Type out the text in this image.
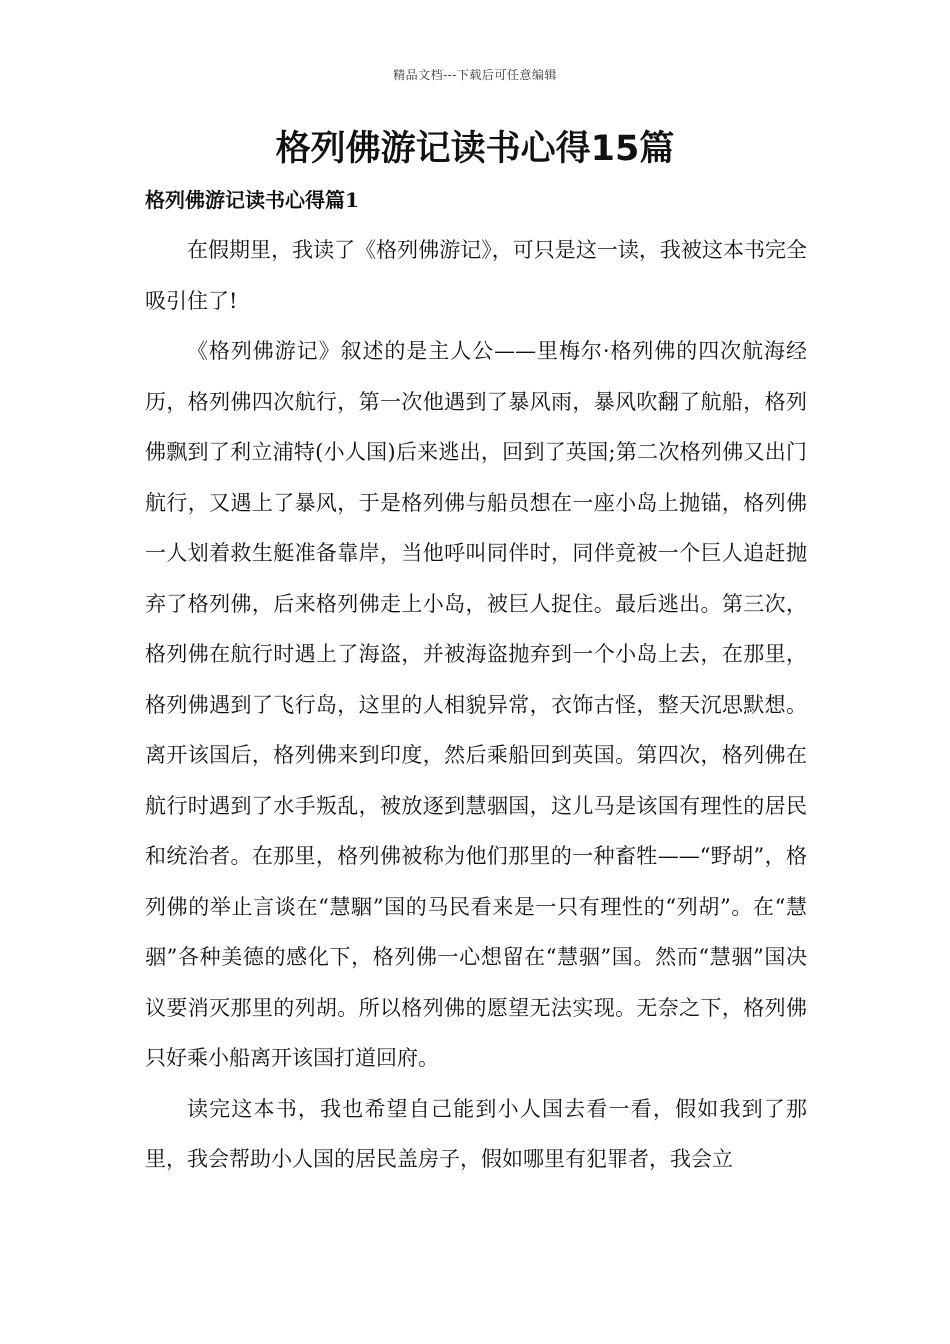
精品文档---下载后可任意编辑
格列佛游记读书心得15篇
格列佛游记读书心得篇1

在假期里，我读了《格列佛游记》，可只是这一读，我被这本书完全吸引住了!

《格列佛游记》叙述的是主人公——里梅尔·格列佛的四次航海经历，格列佛四次航行，第一次他遇到了暴风雨，暴风吹翻了航船，格列佛飘到了利立浦特(小人国)后来逃出，回到了英国;第二次格列佛又出门航行，又遇上了暴风，于是格列佛与船员想在一座小岛上抛锚，格列佛一人划着救生艇准备靠岸，当他呼叫同伴时，同伴竟被一个巨人追赶抛弃了格列佛，后来格列佛走上小岛，被巨人捉住。最后逃出。第三次，格列佛在航行时遇上了海盗，并被海盗抛弃到一个小岛上去，在那里，格列佛遇到了飞行岛，这里的人相貌异常，衣饰古怪，整天沉思默想。离开该国后，格列佛来到印度，然后乘船回到英国。第四次，格列佛在航行时遇到了水手叛乱，被放逐到慧骃国，这儿马是该国有理性的居民和统治者。在那里，格列佛被称为他们那里的一种畜牲——“野胡”，格列佛的举止言谈在“慧駰”国的马民看来是一只有理性的“列胡”。在“慧骃”各种美德的感化下，格列佛一心想留在“慧骃”国。然而“慧骃”国决议要消灭那里的列胡。所以格列佛的愿望无法实现。无奈之下，格列佛只好乘小船离开该国打道回府。

读完这本书，我也希望自己能到小人国去看一看，假如我到了那里，我会帮助小人国的居民盖房子，假如哪里有犯罪者，我会立
